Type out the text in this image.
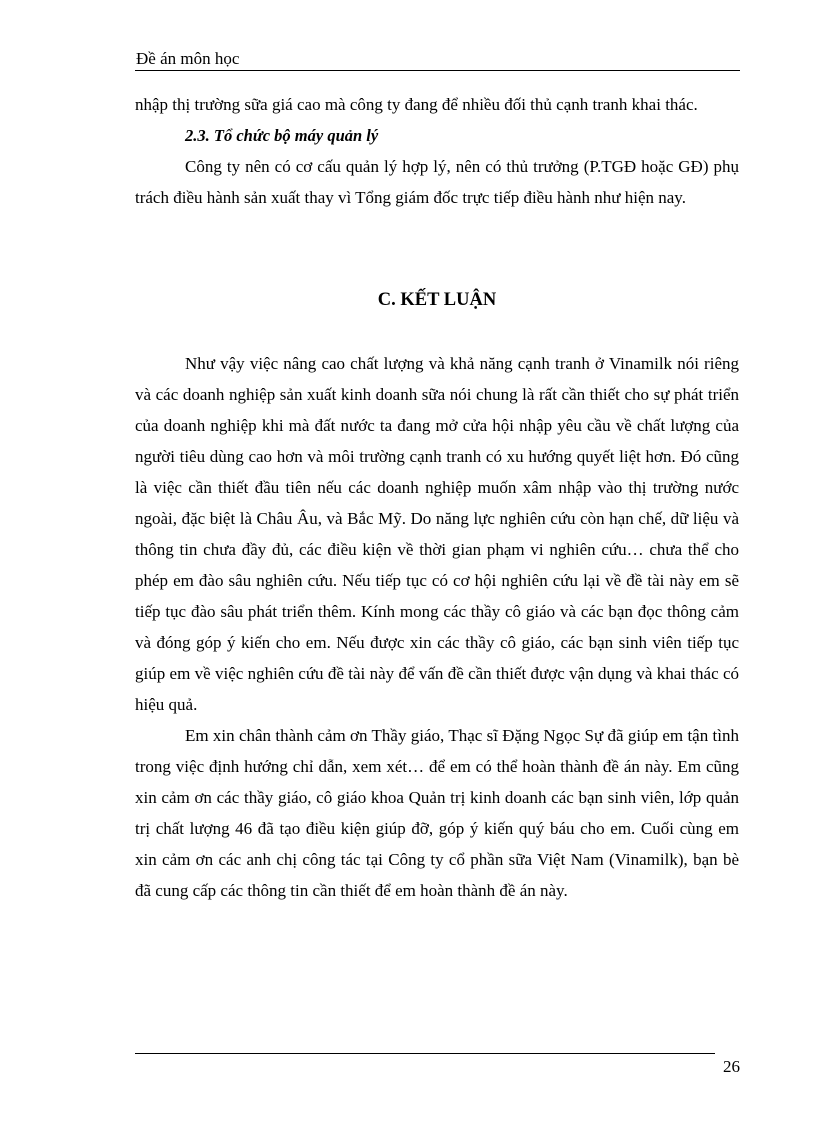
Đề án môn học

nhập thị trường sữa giá cao mà công ty đang để nhiều đối thủ cạnh tranh khai thác.

2.3. Tổ chức bộ máy quản lý

Công ty nên có cơ cấu quản lý hợp lý, nên có thủ trưởng (P.TGĐ hoặc GĐ) phụ trách điều hành sản xuất thay vì Tổng giám đốc trực tiếp điều hành như hiện nay.

C. KẾT LUẬN

Như vậy việc nâng cao chất lượng và khả năng cạnh tranh ở Vinamilk nói riêng và các doanh nghiệp sản xuất kinh doanh sữa nói chung là rất cần thiết cho sự phát triển của doanh nghiệp khi mà đất nước ta đang mở cửa hội nhập yêu cầu về chất lượng của người tiêu dùng cao hơn và môi trường cạnh tranh có xu hướng quyết liệt hơn. Đó cũng là việc cần thiết đầu tiên nếu các doanh nghiệp muốn xâm nhập vào thị trường nước ngoài, đặc biệt là Châu Âu, và Bắc Mỹ. Do năng lực nghiên cứu còn hạn chế, dữ liệu và thông tin chưa đầy đủ, các điều kiện về thời gian phạm vi nghiên cứu… chưa thể cho phép em đào sâu nghiên cứu. Nếu tiếp tục có cơ hội nghiên cứu lại về đề tài này em sẽ tiếp tục đào sâu phát triển thêm. Kính mong các thầy cô giáo và các bạn đọc thông cảm và đóng góp ý kiến cho em. Nếu được xin các thầy cô giáo, các bạn sinh viên tiếp tục giúp em về việc nghiên cứu đề tài này để vấn đề cần thiết được vận dụng và khai thác có hiệu quả.

Em xin chân thành cảm ơn Thầy giáo, Thạc sĩ Đặng Ngọc Sự đã giúp em tận tình trong việc định hướng chỉ dẫn, xem xét… để em có thể hoàn thành đề án này. Em cũng xin cảm ơn các thầy giáo, cô giáo khoa Quản trị kinh doanh các bạn sinh viên, lớp quản trị chất lượng 46 đã tạo điều kiện giúp đỡ, góp ý kiến quý báu cho em. Cuối cùng em xin cảm ơn các anh chị công tác tại Công ty cổ phần sữa Việt Nam (Vinamilk), bạn bè đã cung cấp các thông tin cần thiết để em hoàn thành đề án này.

26
